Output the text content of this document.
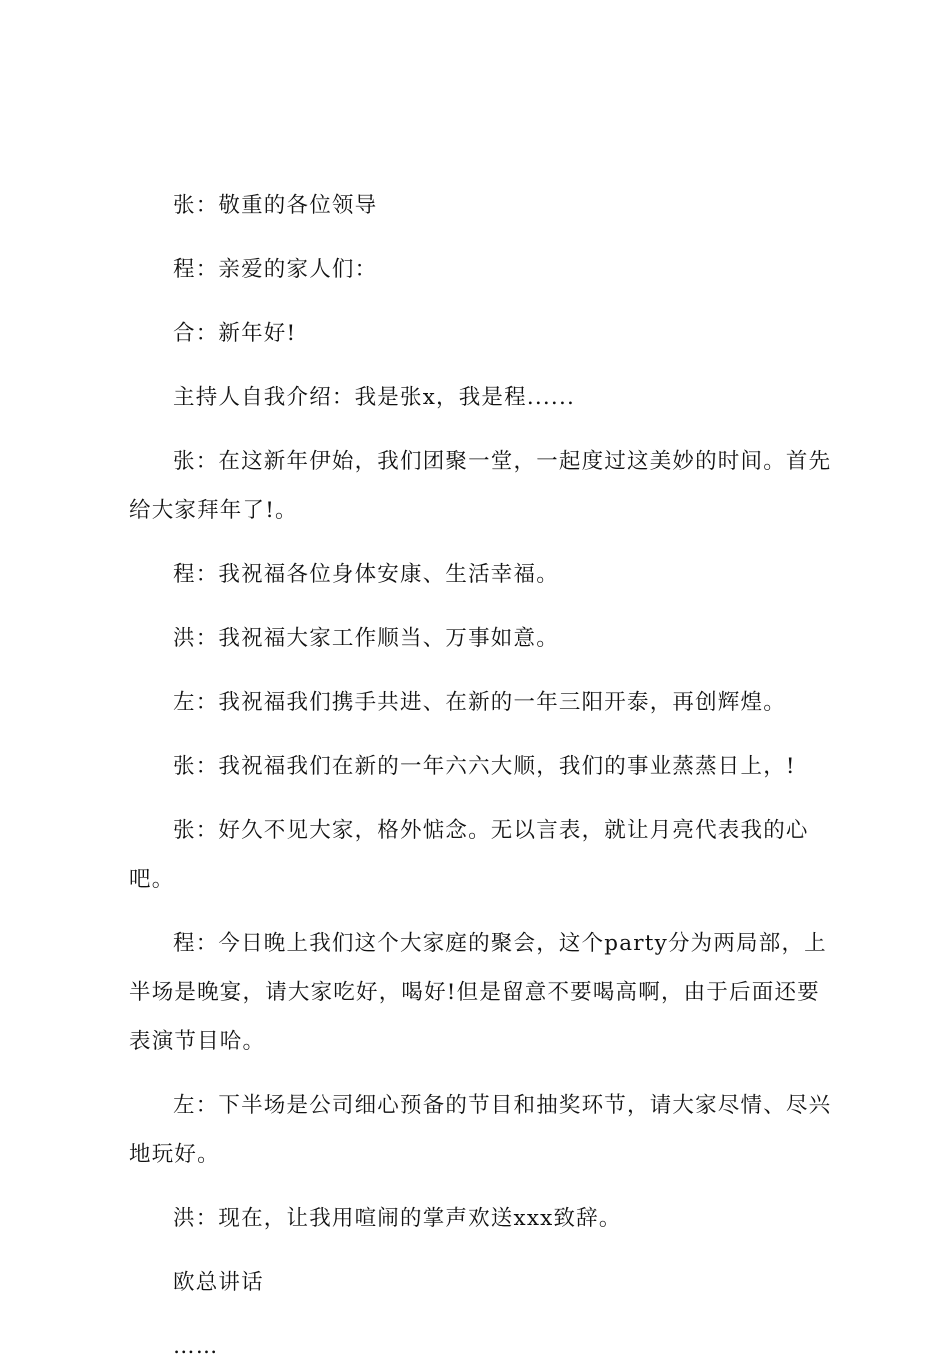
张：敬重的各位领导

程：亲爱的家人们：

合：新年好!

主持人自我介绍：我是张x，我是程......

张：在这新年伊始，我们团聚一堂，一起度过这美妙的时间。首先给大家拜年了!。

程：我祝福各位身体安康、生活幸福。

洪：我祝福大家工作顺当、万事如意。

左：我祝福我们携手共进、在新的一年三阳开泰，再创辉煌。

张：我祝福我们在新的一年六六大顺，我们的事业蒸蒸日上，!

张：好久不见大家，格外惦念。无以言表，就让月亮代表我的心吧。

程：今日晚上我们这个大家庭的聚会，这个party分为两局部，上半场是晚宴，请大家吃好，喝好!但是留意不要喝高啊，由于后面还要表演节目哈。

左：下半场是公司细心预备的节目和抽奖环节，请大家尽情、尽兴地玩好。

洪：现在，让我用喧闹的掌声欢送xxx致辞。

欧总讲话

……
